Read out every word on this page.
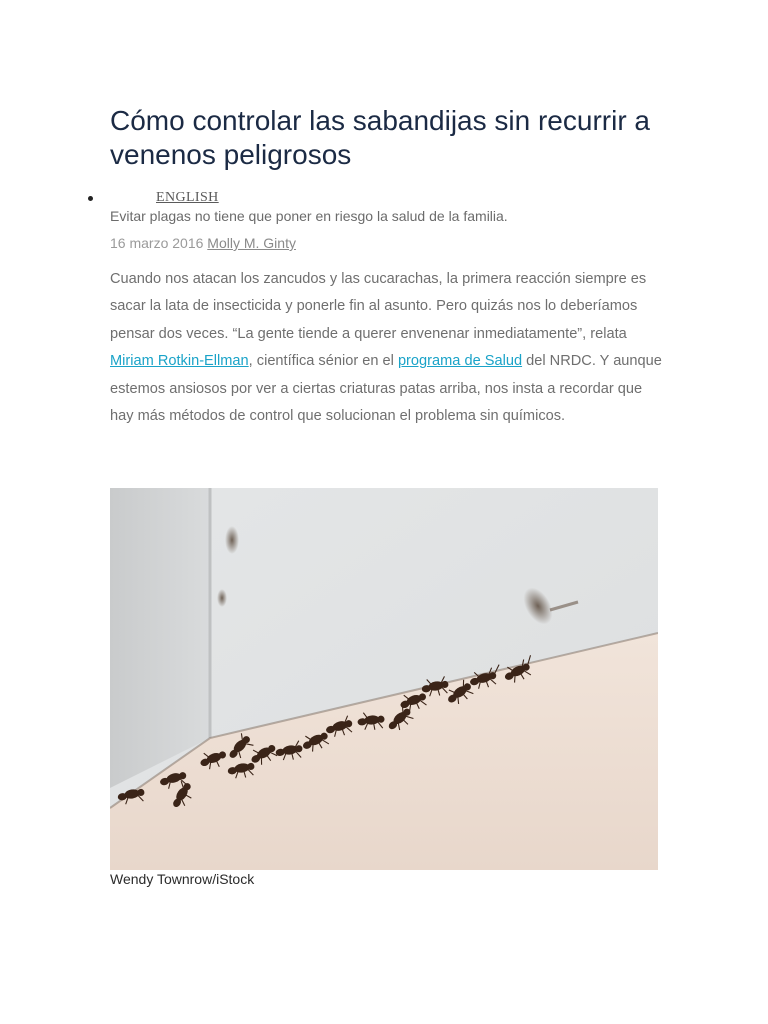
Cómo controlar las sabandijas sin recurrir a venenos peligrosos
ENGLISH
Evitar plagas no tiene que poner en riesgo la salud de la familia.
16 marzo 2016 Molly M. Ginty

Cuando nos atacan los zancudos y las cucarachas, la primera reacción siempre es sacar la lata de insecticida y ponerle fin al asunto. Pero quizás nos lo deberíamos pensar dos veces. “La gente tiende a querer envenenar inmediatamente”, relata Miriam Rotkin-Ellman, científica sénior en el programa de Salud del NRDC. Y aunque estemos ansiosos por ver a ciertas criaturas patas arriba, nos insta a recordar que hay más métodos de control que solucionan el problema sin químicos.

Wendy Townrow/iStock
